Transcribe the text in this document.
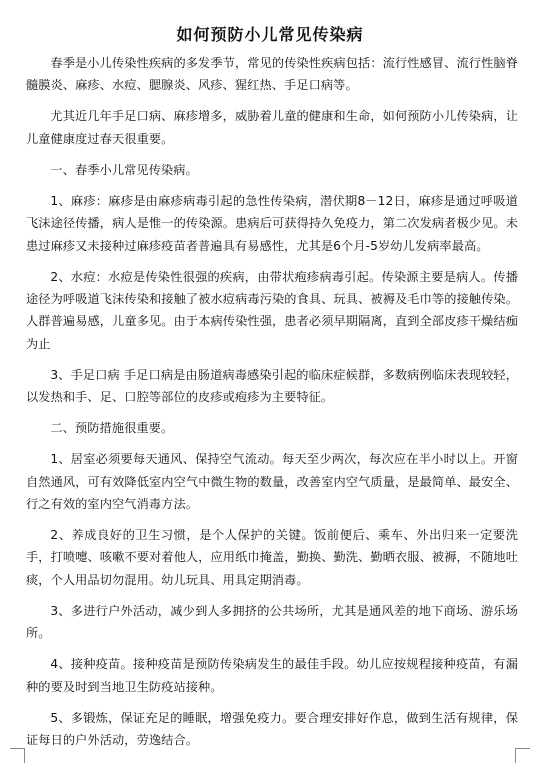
如何预防小儿常见传染病

春季是小儿传染性疾病的多发季节，常见的传染性疾病包括：流行性感冒、流行性脑脊髓膜炎、麻疹、水痘、腮腺炎、风疹、猩红热、手足口病等。

尤其近几年手足口病、麻疹增多，威胁着儿童的健康和生命，如何预防小儿传染病，让儿童健康度过春天很重要。

一、春季小儿常见传染病。

1、麻疹：麻疹是由麻疹病毒引起的急性传染病，潜伏期8－12日，麻疹是通过呼吸道飞沫途径传播，病人是惟一的传染源。患病后可获得持久免疫力，第二次发病者极少见。未患过麻疹又未接种过麻疹疫苗者普遍具有易感性，尤其是6个月-5岁幼儿发病率最高。

2、水痘：水痘是传染性很强的疾病，由带状疱疹病毒引起。传染源主要是病人。传播途径为呼吸道飞沫传染和接触了被水痘病毒污染的食具、玩具、被褥及毛巾等的接触传染。人群普遍易感，儿童多见。由于本病传染性强，患者必须早期隔离，直到全部皮疹干燥结痂为止

3、手足口病 手足口病是由肠道病毒感染引起的临床症候群，多数病例临床表现较轻，以发热和手、足、口腔等部位的皮疹或疱疹为主要特征。

二、预防措施很重要。

1、居室必须要每天通风、保持空气流动。每天至少两次，每次应在半小时以上。开窗自然通风，可有效降低室内空气中微生物的数量，改善室内空气质量，是最简单、最安全、行之有效的室内空气消毒方法。

2、养成良好的卫生习惯，是个人保护的关键。饭前便后、乘车、外出归来一定要洗手，打喷嚏、咳嗽不要对着他人，应用纸巾掩盖，勤换、勤洗、勤晒衣服、被褥，不随地吐痰，个人用品切勿混用。幼儿玩具、用具定期消毒。

3、多进行户外活动，减少到人多拥挤的公共场所，尤其是通风差的地下商场、游乐场所。

4、接种疫苗。接种疫苗是预防传染病发生的最佳手段。幼儿应按规程接种疫苗，有漏种的要及时到当地卫生防疫站接种。

5、多锻炼，保证充足的睡眠，增强免疫力。要合理安排好作息，做到生活有规律，保证每日的户外活动，劳逸结合。
